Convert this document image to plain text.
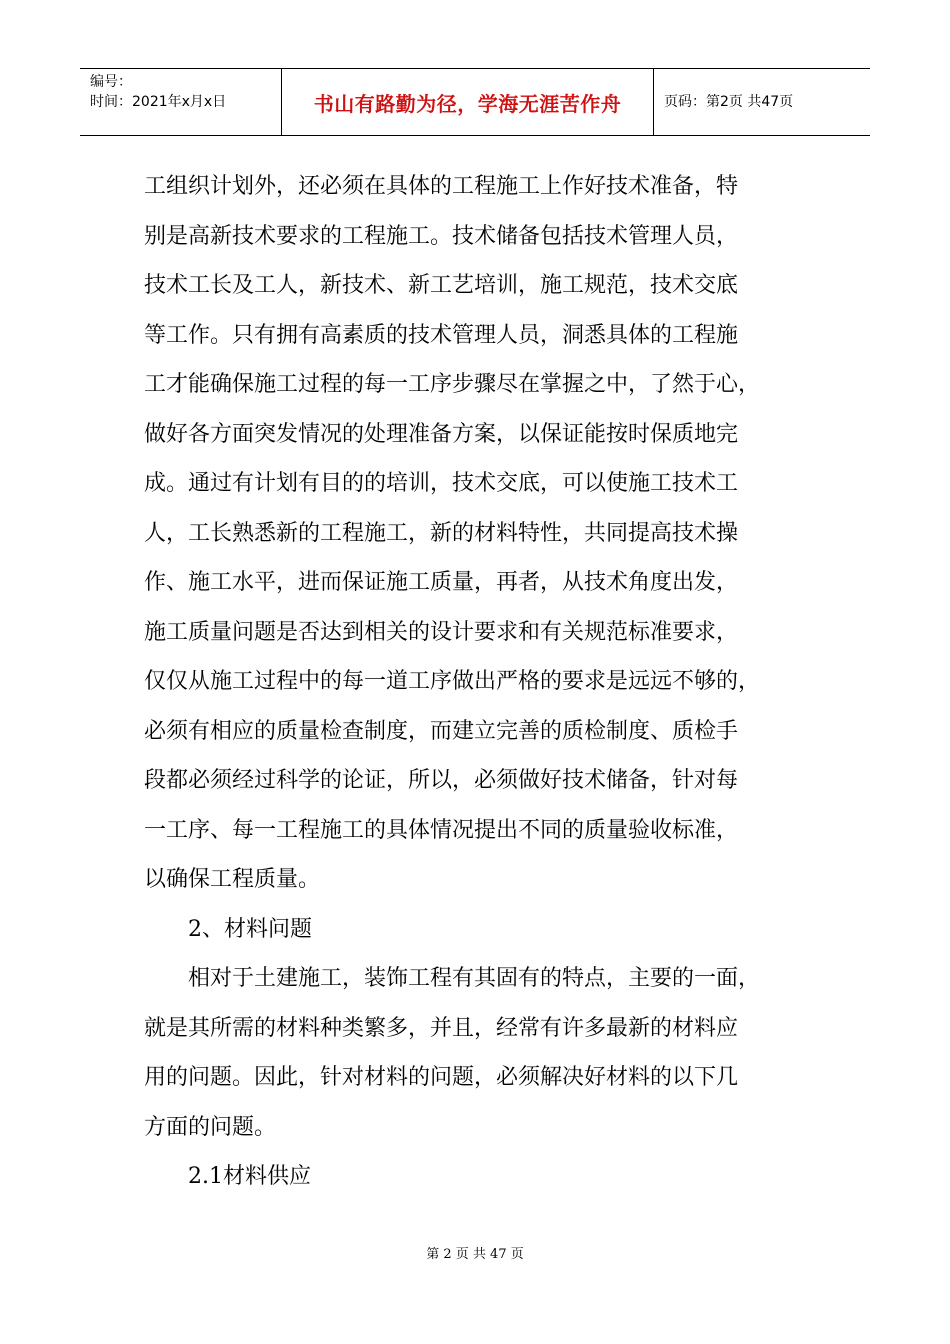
编号：
时间：2021年x月x日	书山有路勤为径，学海无涯苦作舟	页码：第2页 共47页
工组织计划外，还必须在具体的工程施工上作好技术准备，特
别是高新技术要求的工程施工。技术储备包括技术管理人员，
技术工长及工人，新技术、新工艺培训，施工规范，技术交底
等工作。只有拥有高素质的技术管理人员，洞悉具体的工程施
工才能确保施工过程的每一工序步骤尽在掌握之中，了然于心，
做好各方面突发情况的处理准备方案，以保证能按时保质地完
成。通过有计划有目的的培训，技术交底，可以使施工技术工
人，工长熟悉新的工程施工，新的材料特性，共同提高技术操
作、施工水平，进而保证施工质量，再者，从技术角度出发，
施工质量问题是否达到相关的设计要求和有关规范标准要求，
仅仅从施工过程中的每一道工序做出严格的要求是远远不够的，
必须有相应的质量检查制度，而建立完善的质检制度、质检手
段都必须经过科学的论证，所以，必须做好技术储备，针对每
一工序、每一工程施工的具体情况提出不同的质量验收标准，
以确保工程质量。
　　2、材料问题
　　相对于土建施工，装饰工程有其固有的特点，主要的一面，
就是其所需的材料种类繁多，并且，经常有许多最新的材料应
用的问题。因此，针对材料的问题，必须解决好材料的以下几
方面的问题。
　　2.1材料供应
第 2 页 共 47 页
